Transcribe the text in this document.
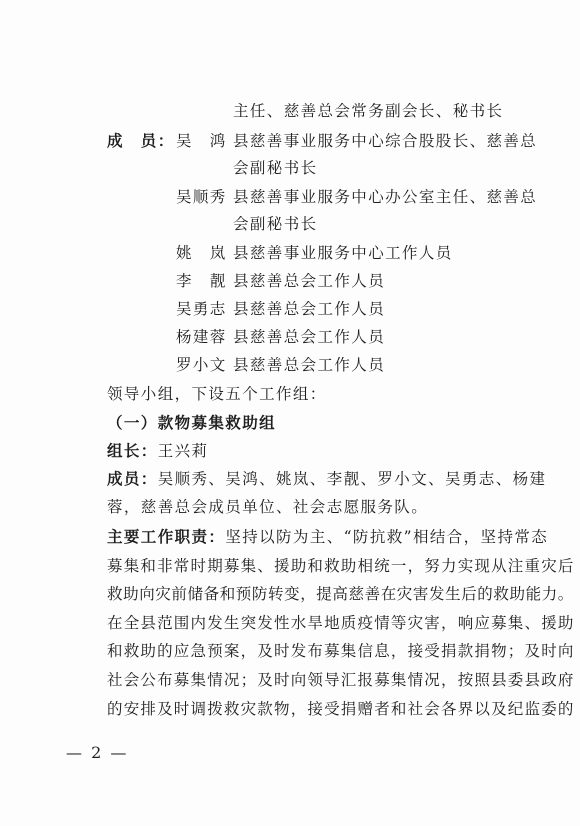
主任、慈善总会常务副会长、秘书长
成　员： 吴　鸿 县慈善事业服务中心综合股股长、慈善总
会副秘书长
吴顺秀 县慈善事业服务中心办公室主任、慈善总
会副秘书长
姚　岚 县慈善事业服务中心工作人员
李　靓 县慈善总会工作人员
吴勇志 县慈善总会工作人员
杨建蓉 县慈善总会工作人员
罗小文 县慈善总会工作人员
领导小组，下设五个工作组：
（一）款物募集救助组
组长：王兴莉
成员：吴顺秀、吴鸿、姚岚、李靓、罗小文、吴勇志、杨建
蓉，慈善总会成员单位、社会志愿服务队。
主要工作职责：坚持以防为主、“防抗救”相结合，坚持常态
募集和非常时期募集、援助和救助相统一，努力实现从注重灾后
救助向灾前储备和预防转变，提高慈善在灾害发生后的救助能力。
在全县范围内发生突发性水旱地质疫情等灾害，响应募集、援助
和救助的应急预案，及时发布募集信息，接受捐款捐物；及时向
社会公布募集情况；及时向领导汇报募集情况，按照县委县政府
的安排及时调拨救灾款物，接受捐赠者和社会各界以及纪监委的
— 2 —
